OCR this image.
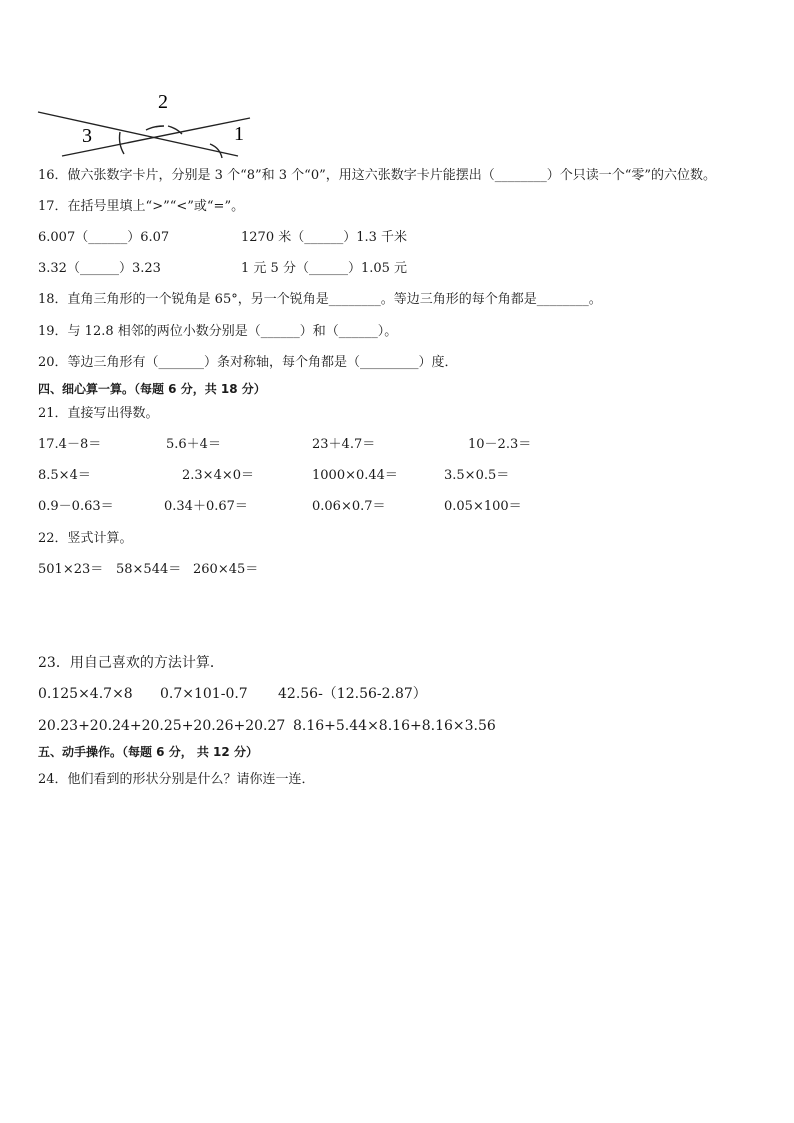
2
3	1
16．做六张数字卡片，分别是 3 个“8”和 3 个“0”，用这六张数字卡片能摆出（________）个只读一个“零”的六位数。
17．在括号里填上“>”“<”或“=”。
6.007（______）6.07	1270 米（______）1.3 千米
3.32（______）3.23	1 元 5 分（______）1.05 元
18．直角三角形的一个锐角是 65°，另一个锐角是________。等边三角形的每个角都是________。
19．与 12.8 相邻的两位小数分别是（______）和（______）。
20．等边三角形有（_______）条对称轴，每个角都是（_________）度．
四、细心算一算。（每题 6 分，共 18 分）
21．直接写出得数。
17.4－8＝	5.6＋4＝	23＋4.7＝	10－2.3＝
8.5×4＝	2.3×4×0＝	1000×0.44＝	3.5×0.5＝
0.9－0.63＝	0.34＋0.67＝	0.06×0.7＝	0.05×100＝
22．竖式计算。
501×23＝ 58×544＝ 260×45＝
23．用自己喜欢的方法计算．
0.125×4.7×8 0.7×101-0.7 42.56-（12.56-2.87）
20.23+20.24+20.25+20.26+20.27 8.16+5.44×8.16+8.16×3.56
五、动手操作。（每题 6 分， 共 12 分）
24．他们看到的形状分别是什么？请你连一连．
